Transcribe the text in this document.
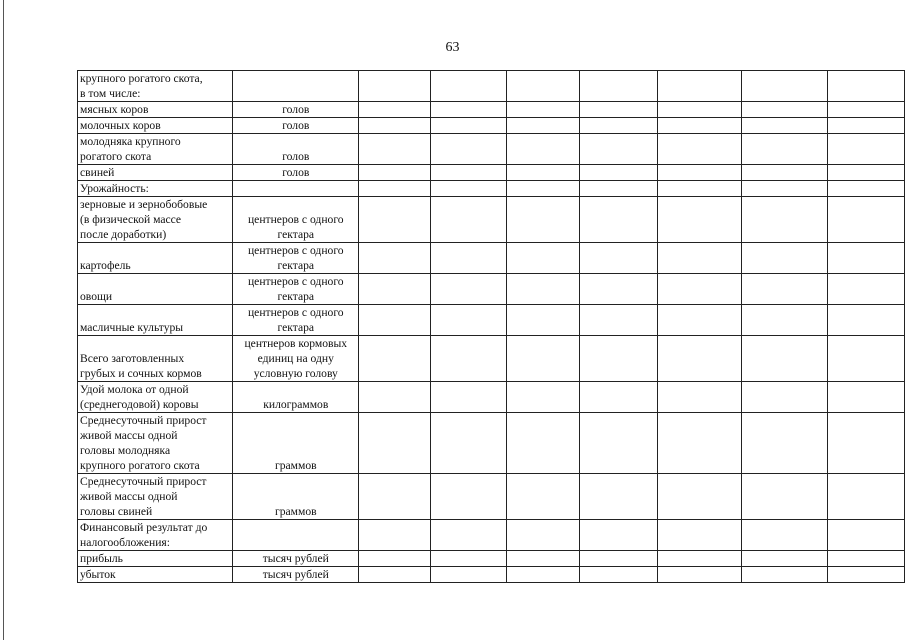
63
крупного рогатого скота,
в том числе:								

мясных коров	голов							

молочных коров	голов							

молодняка крупного
рогатого скота	голов							

свиней	голов							

Урожайность:								

зерновые и зернобобовые
(в физической массе
после доработки)	центнеров с одного
гектара							

картофель	центнеров с одного
гектара							

овощи	центнеров с одного
гектара							

масличные культуры	центнеров с одного
гектара							

Всего заготовленных
грубых и сочных кормов	центнеров кормовых
единиц на одну
условную голову							

Удой молока от одной
(среднегодовой) коровы	килограммов							

Среднесуточный прирост
живой массы одной
головы молодняка
крупного рогатого скота	граммов							

Среднесуточный прирост
живой массы одной
головы свиней	граммов							

Финансовый результат до
налогообложения:								

прибыль	тысяч рублей							

убыток	тысяч рублей							
